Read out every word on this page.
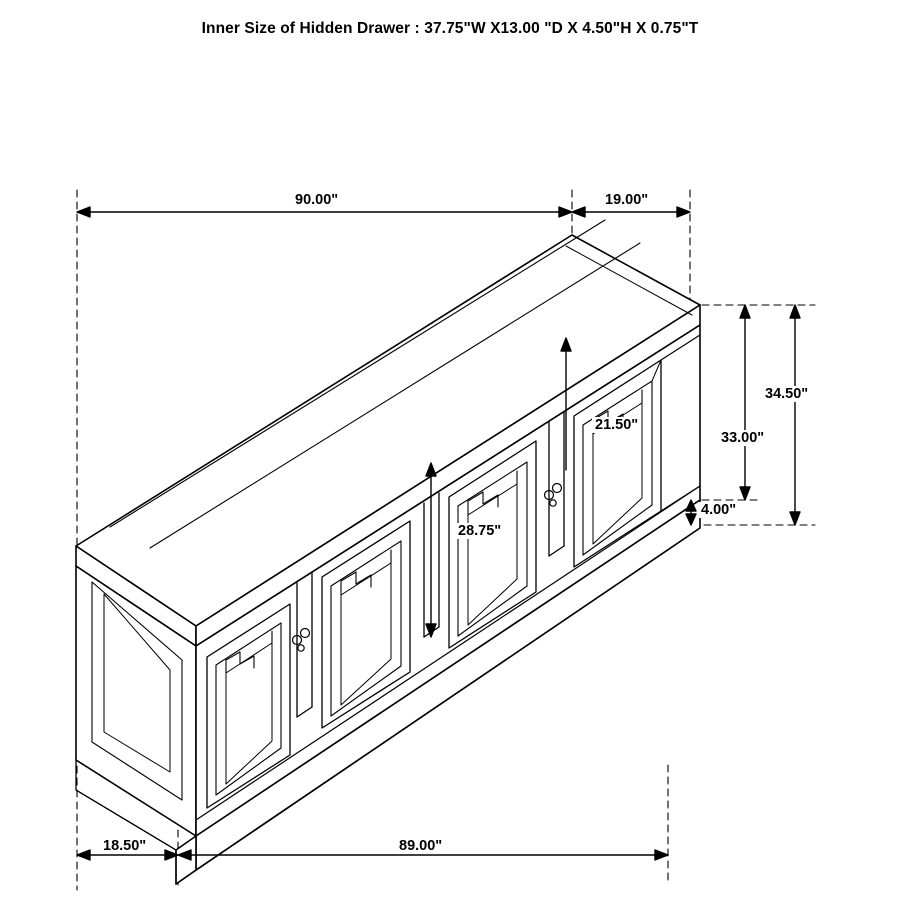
Inner Size of Hidden Drawer : 37.75"W X13.00 "D X 4.50"H X 0.75"T
90.00"	19.00"
34.50"
33.00"
21.50"
28.75"
4.00"
18.50"	89.00"
